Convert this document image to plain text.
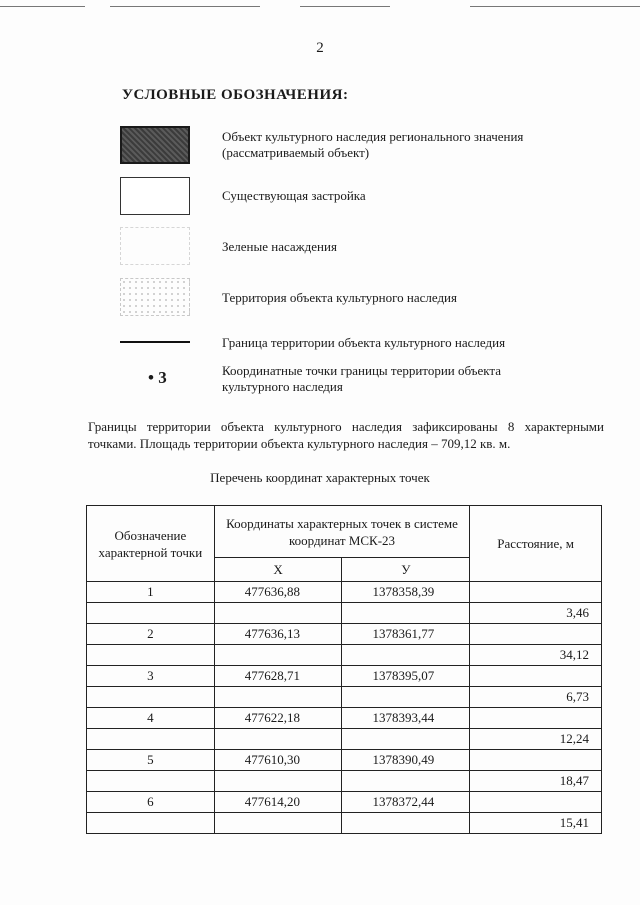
2
УСЛОВНЫЕ ОБОЗНАЧЕНИЯ:
Объект культурного наследия регионального значения (рассматриваемый объект)
Существующая застройка
Зеленые насаждения
Территория объекта культурного наследия
Граница территории объекта культурного наследия
• 3	Координатные точки границы территории объекта культурного наследия
Границы территории объекта культурного наследия зафиксированы 8 характерными точками. Площадь территории объекта культурного наследия – 709,12 кв. м.
Перечень координат характерных точек
Обозначение характерной точки	Координаты характерных точек в системе координат МСК-23		Расстояние, м
	X	У	
1	477636,88	1378358,39	
			3,46
2	477636,13	1378361,77	
			34,12
3	477628,71	1378395,07	
			6,73
4	477622,18	1378393,44	
			12,24
5	477610,30	1378390,49	
			18,47
6	477614,20	1378372,44	
			15,41
